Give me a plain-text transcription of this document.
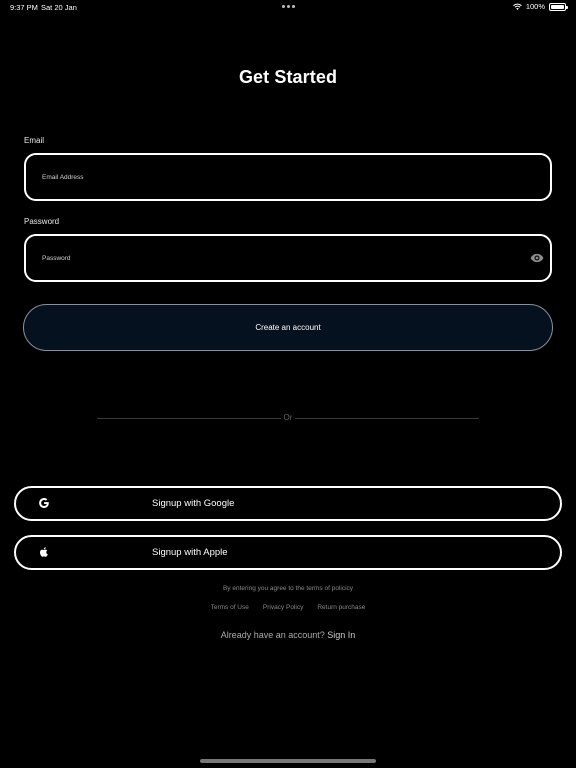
9:37 PM Sat 20 Jan	100%
Get Started
Email
Email Address
Password
Create an account
Or
Signup with Google
Signup with Apple

By entering you agree to the terms of policicy

Terms of Use Privacy Policy Return purchase
Already have an account? Sign In
